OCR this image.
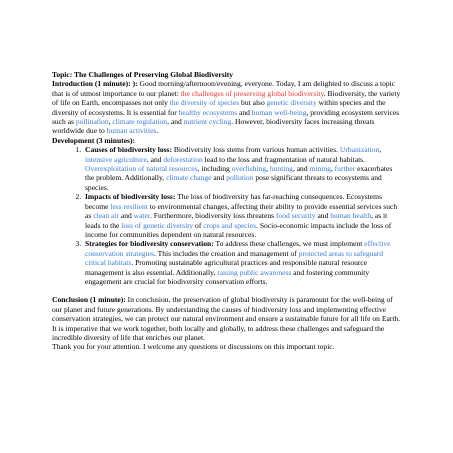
Topic: The Challenges of Preserving Global Biodiversity

Introduction (1 minute): ): Good morning/afternoon/evening, everyone. Today, I am delighted to discuss a topic that is of utmost importance to our planet: the challenges of preserving global biodiversity. Biodiversity, the variety of life on Earth, encompasses not only the diversity of species but also genetic diversity within species and the diversity of ecosystems. It is essential for healthy ecosystems and human well-being, providing ecosystem services such as pollination, climate regulation, and nutrient cycling. However, biodiversity faces increasing threats worldwide due to human activities.

Development (3 minutes):

1. Causes of biodiversity loss: Biodiversity loss stems from various human activities. Urbanization, intensive agriculture, and deforestation lead to the loss and fragmentation of natural habitats. Overexploitation of natural resources, including overfishing, hunting, and mining, further exacerbates the problem. Additionally, climate change and pollution pose significant threats to ecosystems and species.
2. Impacts of biodiversity loss: The loss of biodiversity has far-reaching consequences. Ecosystems become less resilient to environmental changes, affecting their ability to provide essential services such as clean air and water. Furthermore, biodiversity loss threatens food security and human health, as it leads to the loss of genetic diversity of crops and species. Socio-economic impacts include the loss of income for communities dependent on natural resources.
3. Strategies for biodiversity conservation: To address these challenges, we must implement effective conservation strategies. This includes the creation and management of protected areas to safeguard critical habitats. Promoting sustainable agricultural practices and responsible natural resource management is also essential. Additionally, raising public awareness and fostering community engagement are crucial for biodiversity conservation efforts.

Conclusion (1 minute): In conclusion, the preservation of global biodiversity is paramount for the well-being of our planet and future generations. By understanding the causes of biodiversity loss and implementing effective conservation strategies, we can protect our natural environment and ensure a sustainable future for all life on Earth. It is imperative that we work together, both locally and globally, to address these challenges and safeguard the incredible diversity of life that enriches our planet.

Thank you for your attention. I welcome any questions or discussions on this important topic.
